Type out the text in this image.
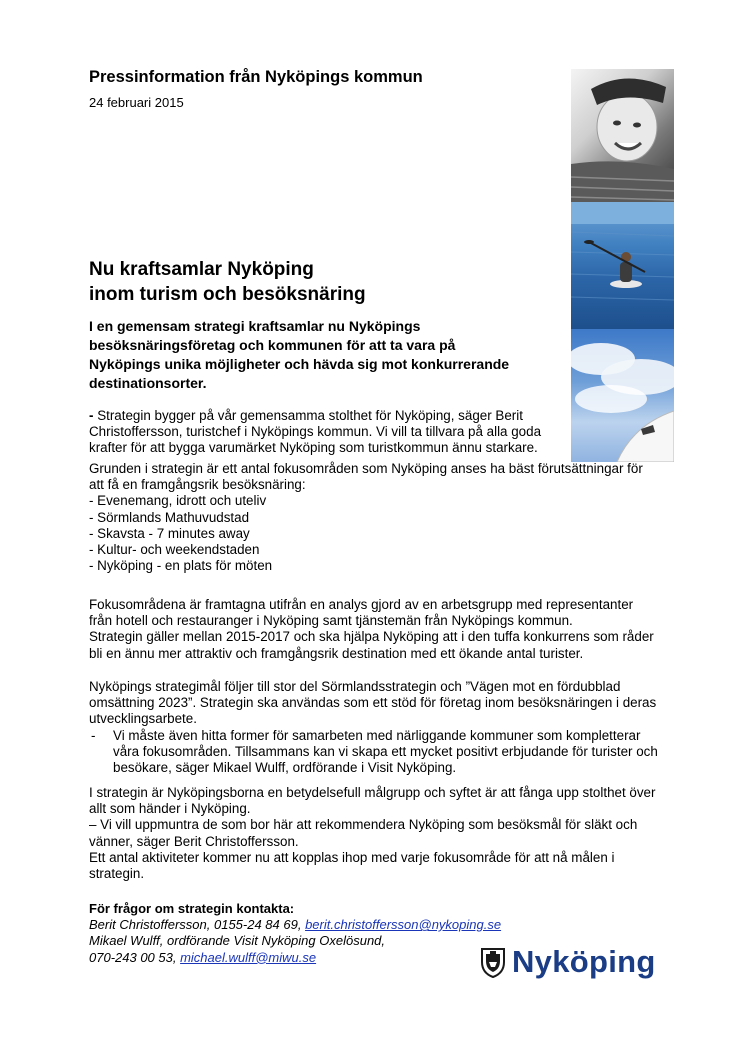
Pressinformation från Nyköpings kommun
24 februari 2015
Nu kraftsamlar Nyköping
inom turism och besöksnäring
I en gemensam strategi kraftsamlar nu Nyköpings
besöksnäringsföretag och kommunen för att ta vara på
Nyköpings unika möjligheter och hävda sig mot konkurrerande
destinationsorter.
- Strategin bygger på vår gemensamma stolthet för Nyköping, säger Berit
Christoffersson, turistchef i Nyköpings kommun. Vi vill ta tillvara på alla goda
krafter för att bygga varumärket Nyköping som turistkommun ännu starkare.
Grunden i strategin är ett antal fokusområden som Nyköping anses ha bäst förutsättningar för
att få en framgångsrik besöksnäring:
- Evenemang, idrott och uteliv
- Sörmlands Mathuvudstad
- Skavsta - 7 minutes away
- Kultur- och weekendstaden
- Nyköping - en plats för möten
Fokusområdena är framtagna utifrån en analys gjord av en arbetsgrupp med representanter
från hotell och restauranger i Nyköping samt tjänstemän från Nyköpings kommun.
Strategin gäller mellan 2015-2017 och ska hjälpa Nyköping att i den tuffa konkurrens som råder
bli en ännu mer attraktiv och framgångsrik destination med ett ökande antal turister.
Nyköpings strategimål följer till stor del Sörmlandsstrategin och ”Vägen mot en fördubblad
omsättning 2023”. Strategin ska användas som ett stöd för företag inom besöksnäringen i deras
utvecklingsarbete.
- Vi måste även hitta former för samarbeten med närliggande kommuner som kompletterar
våra fokusområden. Tillsammans kan vi skapa ett mycket positivt erbjudande för turister och
besökare, säger Mikael Wulff, ordförande i Visit Nyköping.
I strategin är Nyköpingsborna en betydelsefull målgrupp och syftet är att fånga upp stolthet över
allt som händer i Nyköping.
– Vi vill uppmuntra de som bor här att rekommendera Nyköping som besöksmål för släkt och
vänner, säger Berit Christoffersson.
Ett antal aktiviteter kommer nu att kopplas ihop med varje fokusområde för att nå målen i
strategin.
För frågor om strategin kontakta:
Berit Christoffersson, 0155-24 84 69, berit.christoffersson@nykoping.se
Mikael Wulff, ordförande Visit Nyköping Oxelösund,
070-243 00 53, michael.wulff@miwu.se	Nyköping
